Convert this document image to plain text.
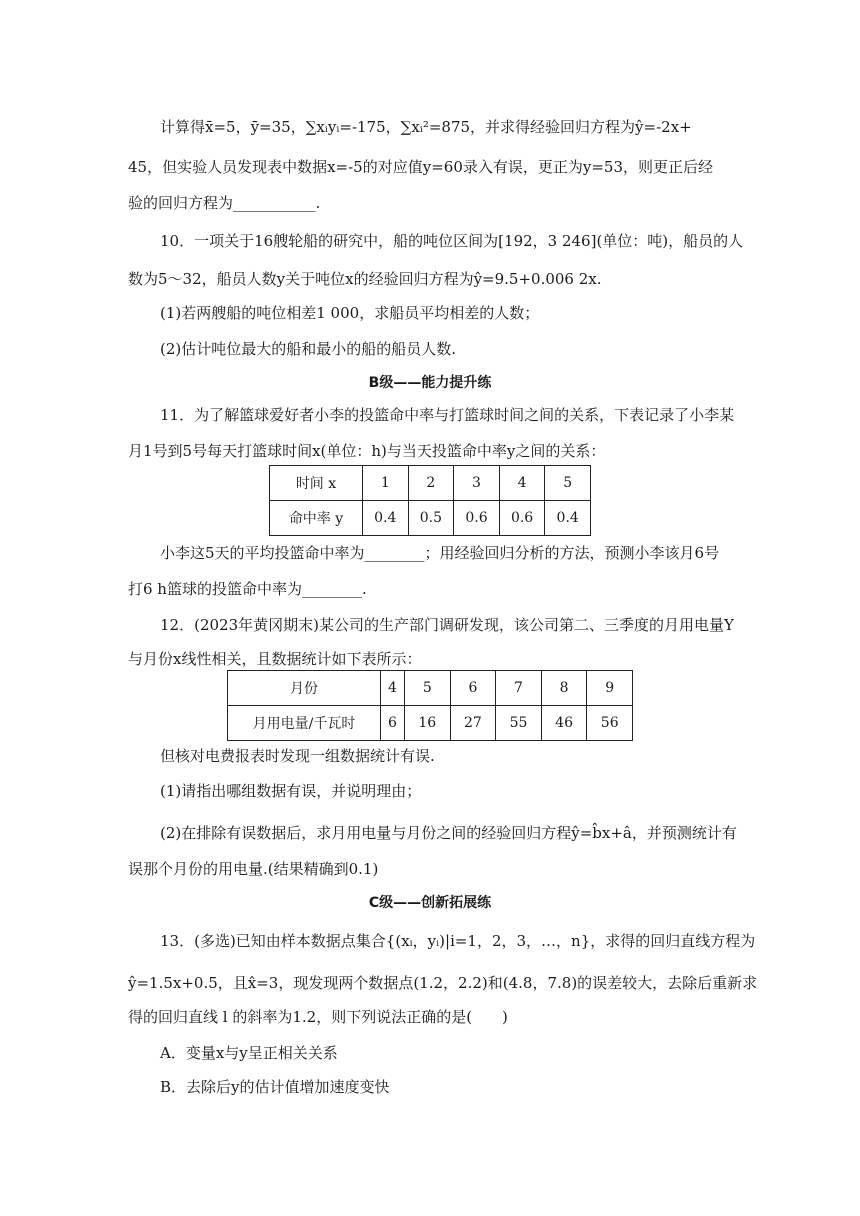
计算得x̄=5，ȳ=35，∑xᵢyᵢ=-175，∑xᵢ²=875，并求得经验回归方程为ŷ=-2x+
45，但实验人员发现表中数据x=-5的对应值y=60录入有误，更正为y=53，则更正后经
验的回归方程为___________.
10．一项关于16艘轮船的研究中，船的吨位区间为[192，3 246](单位：吨)，船员的人
数为5～32，船员人数y关于吨位x的经验回归方程为ŷ=9.5+0.006 2x.
(1)若两艘船的吨位相差1 000，求船员平均相差的人数；
(2)估计吨位最大的船和最小的船的船员人数.
B级——能力提升练
11．为了解篮球爱好者小李的投篮命中率与打篮球时间之间的关系，下表记录了小李某
月1号到5号每天打篮球时间x(单位：h)与当天投篮命中率y之间的关系：
时间 x	1	2	3	4	5
命中率 y	0.4	0.5	0.6	0.6	0.4
小李这5天的平均投篮命中率为________；用经验回归分析的方法，预测小李该月6号
打6 h篮球的投篮命中率为________.
12．(2023年黄冈期末)某公司的生产部门调研发现，该公司第二、三季度的月用电量Y
与月份x线性相关，且数据统计如下表所示：
月份	4	5	6	7	8	9
月用电量/千瓦时	6	16	27	55	46	56
但核对电费报表时发现一组数据统计有误.
(1)请指出哪组数据有误，并说明理由；
(2)在排除有误数据后，求月用电量与月份之间的经验回归方程ŷ=b̂x+â，并预测统计有
误那个月份的用电量.(结果精确到0.1)
C级——创新拓展练
13．(多选)已知由样本数据点集合{(xᵢ，yᵢ)|i=1，2，3，…，n}，求得的回归直线方程为
ŷ=1.5x+0.5，且x̂=3，现发现两个数据点(1.2，2.2)和(4.8，7.8)的误差较大，去除后重新求
得的回归直线 l 的斜率为1.2，则下列说法正确的是(　　)
A．变量x与y呈正相关关系
B．去除后y的估计值增加速度变快
